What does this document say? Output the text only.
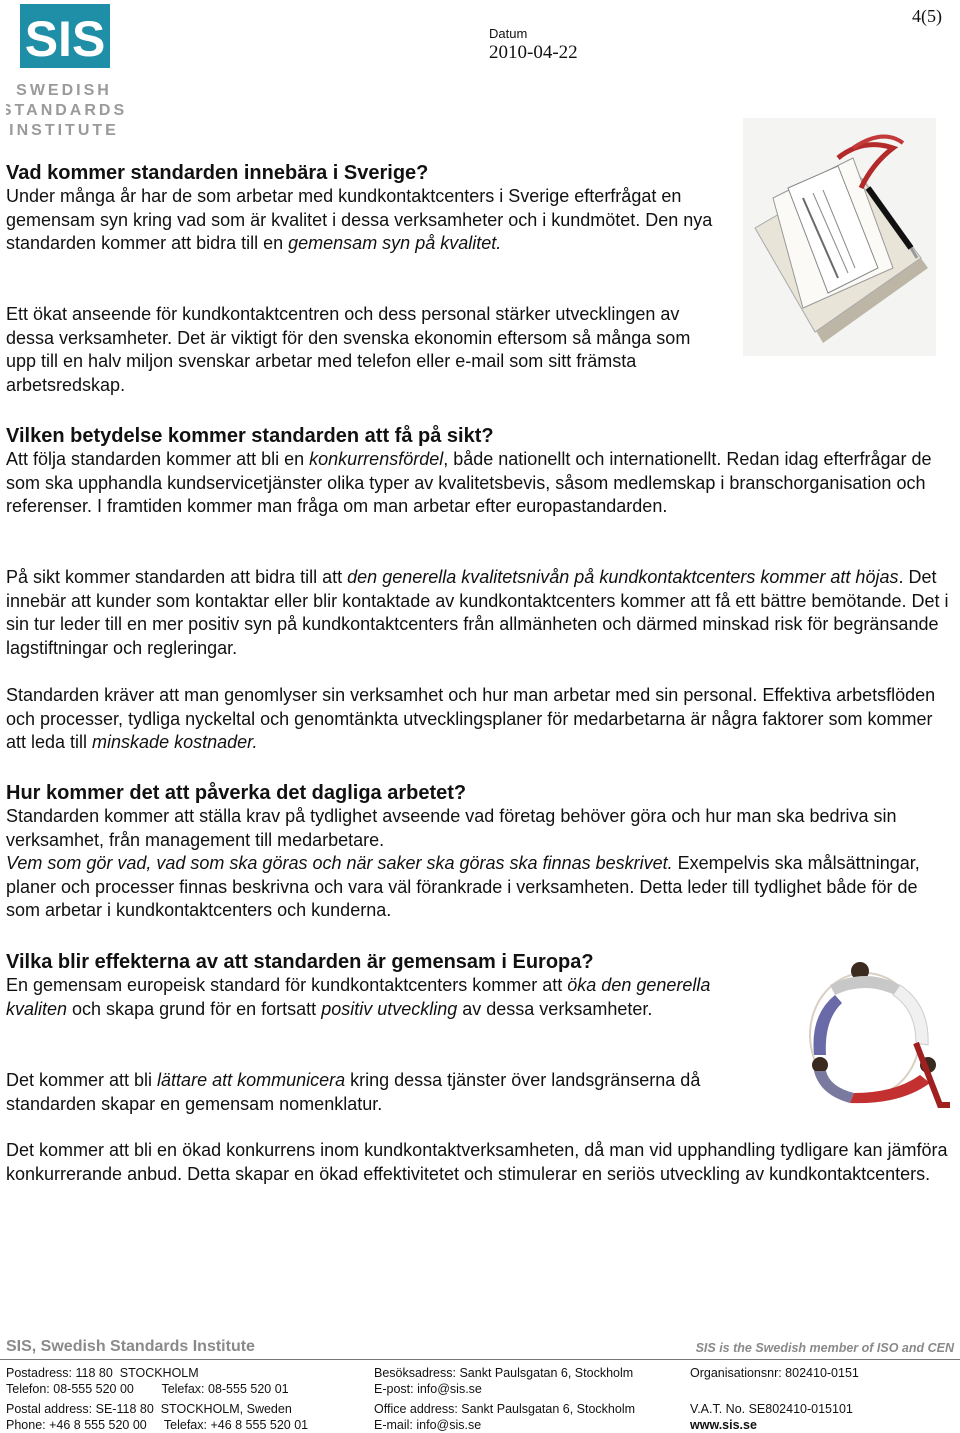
SIS
SWEDISH
STANDARDS
INSTITUTE
Datum
2010-04-22
4(5)

Vad kommer standarden innebära i Sverige?

Under många år har de som arbetar med kundkontaktcenters i Sverige efterfrågat en gemensam syn kring vad som är kvalitet i dessa verksamheter och i kundmötet. Den nya standarden kommer att bidra till en gemensam syn på kvalitet.

Ett ökat anseende för kundkontaktcentren och dess personal stärker utvecklingen av dessa verksamheter. Det är viktigt för den svenska ekonomin eftersom så många som upp till en halv miljon svenskar arbetar med telefon eller e-mail som sitt främsta arbetsredskap.

Vilken betydelse kommer standarden att få på sikt?

Att följa standarden kommer att bli en konkurrensfördel, både nationellt och internationellt. Redan idag efterfrågar de som ska upphandla kundservicetjänster olika typer av kvalitetsbevis, såsom medlemskap i branschorganisation och referenser. I framtiden kommer man fråga om man arbetar efter europastandarden.

På sikt kommer standarden att bidra till att den generella kvalitetsnivån på kundkontaktcenters kommer att höjas. Det innebär att kunder som kontaktar eller blir kontaktade av kundkontaktcenters kommer att få ett bättre bemötande. Det i sin tur leder till en mer positiv syn på kundkontaktcenters från allmänheten och därmed minskad risk för begränsande lagstiftningar och regleringar.

Standarden kräver att man genomlyser sin verksamhet och hur man arbetar med sin personal. Effektiva arbetsflöden och processer, tydliga nyckeltal och genomtänkta utvecklingsplaner för medarbetarna är några faktorer som kommer att leda till minskade kostnader.

Hur kommer det att påverka det dagliga arbetet?

Standarden kommer att ställa krav på tydlighet avseende vad företag behöver göra och hur man ska bedriva sin verksamhet, från management till medarbetare.

Vem som gör vad, vad som ska göras och när saker ska göras ska finnas beskrivet. Exempelvis ska målsättningar, planer och processer finnas beskrivna och vara väl förankrade i verksamheten. Detta leder till tydlighet både för de som arbetar i kundkontaktcenters och kunderna.

Vilka blir effekterna av att standarden är gemensam i Europa?

En gemensam europeisk standard för kundkontaktcenters kommer att öka den generella kvaliten och skapa grund för en fortsatt positiv utveckling av dessa verksamheter.

Det kommer att bli lättare att kommunicera kring dessa tjänster över landsgränserna då standarden skapar en gemensam nomenklatur.

Det kommer att bli en ökad konkurrens inom kundkontaktverksamheten, då man vid upphandling tydligare kan jämföra konkurrerande anbud. Detta skapar en ökad effektivitetet och stimulerar en seriös utveckling av kundkontaktcenters.

SIS, Swedish Standards Institute	SIS is the Swedish member of ISO and CEN
Postadress: 118 80  STOCKHOLM
Telefon: 08-555 520 00        Telefax: 08-555 520 01
Besöksadress: Sankt Paulsgatan 6, Stockholm
E-post: info@sis.se
Organisationsnr: 802410-0151
Postal address: SE-118 80  STOCKHOLM, Sweden
Phone: +46 8 555 520 00     Telefax: +46 8 555 520 01
Office address: Sankt Paulsgatan 6, Stockholm
E-mail: info@sis.se
V.A.T. No. SE802410-015101
www.sis.se
